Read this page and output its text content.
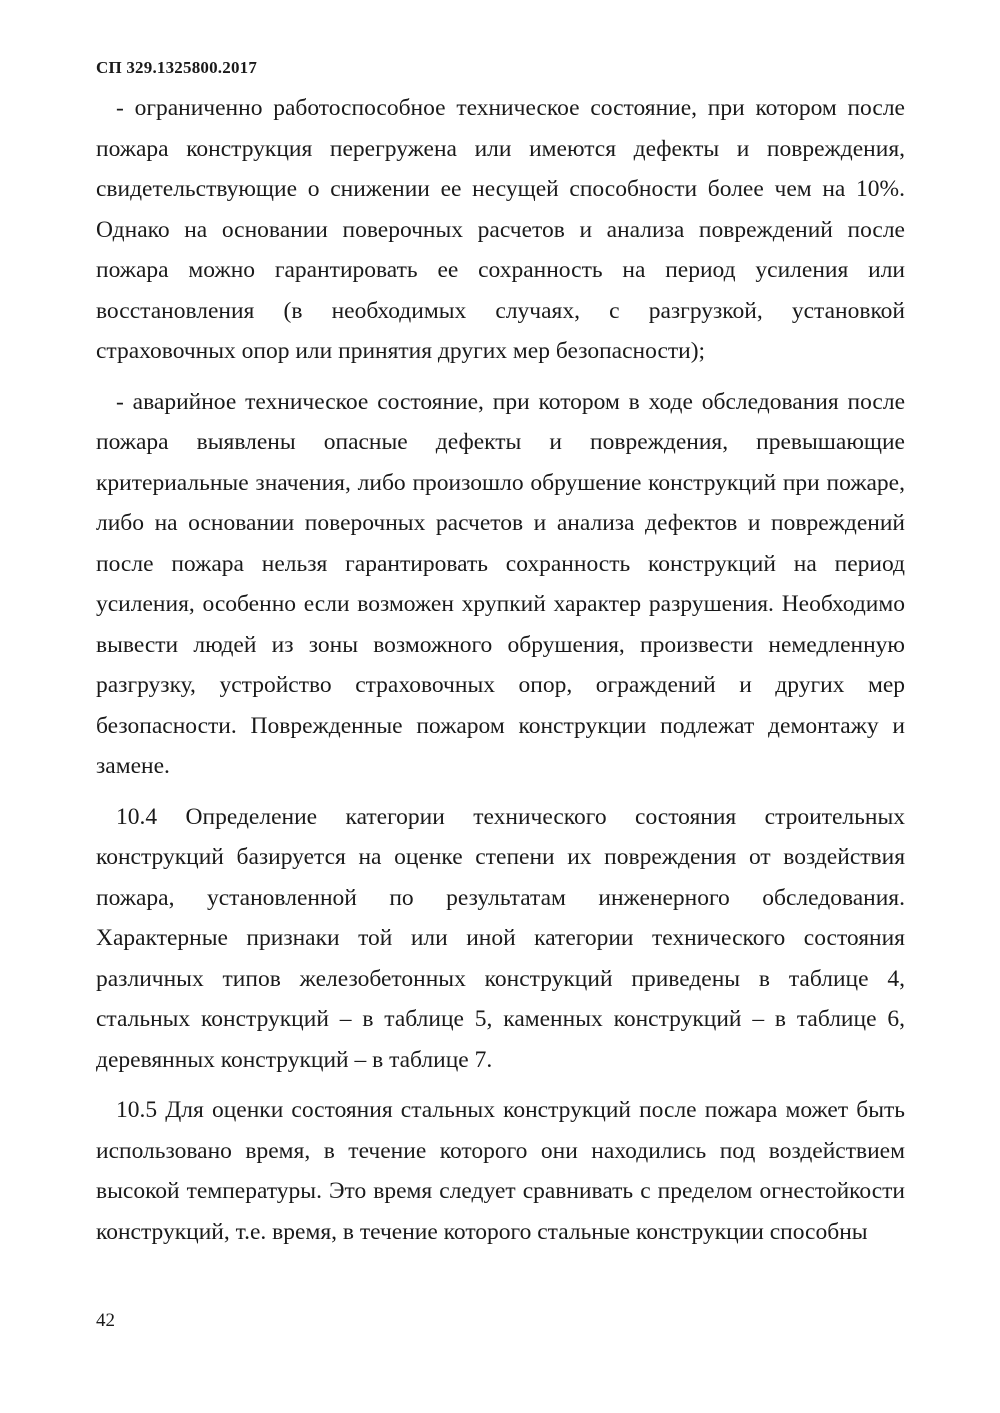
СП 329.1325800.2017

- ограниченно работоспособное техническое состояние, при котором после пожара конструкция перегружена или имеются дефекты и повреждения, свидетельствующие о снижении ее несущей способности более чем на 10%. Однако на основании поверочных расчетов и анализа повреждений после пожара можно гарантировать ее сохранность на период усиления или восстановления (в необходимых случаях, с разгрузкой, установкой страховочных опор или принятия других мер безопасности);

- аварийное техническое состояние, при котором в ходе обследования после пожара выявлены опасные дефекты и повреждения, превышающие критериальные значения, либо произошло обрушение конструкций при пожаре, либо на основании поверочных расчетов и анализа дефектов и повреждений после пожара нельзя гарантировать сохранность конструкций на период усиления, особенно если возможен хрупкий характер разрушения. Необходимо вывести людей из зоны возможного обрушения, произвести немедленную разгрузку, устройство страховочных опор, ограждений и других мер безопасности. Поврежденные пожаром конструкции подлежат демонтажу и замене.

10.4 Определение категории технического состояния строительных конструкций базируется на оценке степени их повреждения от воздействия пожара, установленной по результатам инженерного обследования. Характерные признаки той или иной категории технического состояния различных типов железобетонных конструкций приведены в таблице 4, стальных конструкций – в таблице 5, каменных конструкций – в таблице 6, деревянных конструкций – в таблице 7.

10.5 Для оценки состояния стальных конструкций после пожара может быть использовано время, в течение которого они находились под воздействием высокой температуры. Это время следует сравнивать с пределом огнестойкости конструкций, т.е. время, в течение которого стальные конструкции способны

42
